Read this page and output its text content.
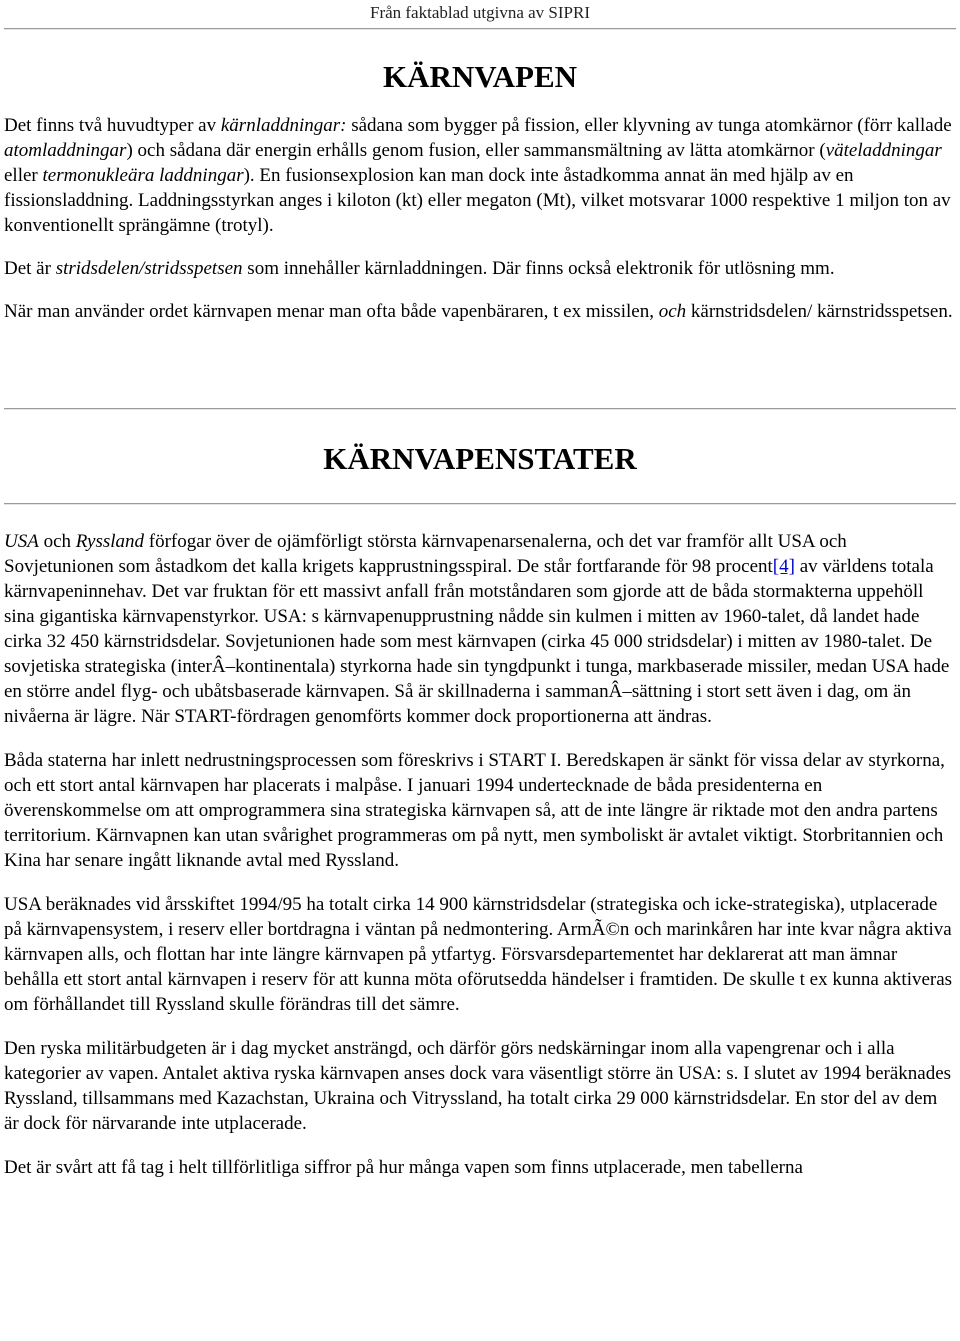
Från faktablad utgivna av SIPRI
KÄRNVAPEN

Det finns två huvudtyper av kärnladdningar: sådana som bygger på fission, eller klyvning av tunga atomkärnor (förr kallade atomladdningar) och sådana där energin erhålls genom fusion, eller sammansmältning av lätta atomkärnor (väteladdningar eller termonukleära laddningar). En fusionsexplosion kan man dock inte åstadkomma annat än med hjälp av en fissionsladdning. Laddningsstyrkan anges i kiloton (kt) eller megaton (Mt), vilket motsvarar 1000 respektive 1 miljon ton av konventionellt sprängämne (trotyl).

Det är stridsdelen/stridsspetsen som innehåller kärnladdningen. Där finns också elektronik för utlösning mm.

När man använder ordet kärnvapen menar man ofta både vapenbäraren, t ex missilen, och kärnstridsdelen/ kärnstridsspetsen.

KÄRNVAPENSTATER

USA och Ryssland förfogar över de ojämförligt största kärnvapenarsenalerna, och det var framför allt USA och Sovjetunionen som åstadkom det kalla krigets kapprustningsspiral. De står fortfarande för 98 procent[4] av världens totala kärnvapeninnehav. Det var fruktan för ett massivt anfall från motståndaren som gjorde att de båda stormakterna uppehöll sina gigantiska kärnvapenstyrkor. USA: s kärnvapenupprustning nådde sin kulmen i mitten av 1960-talet, då landet hade cirka 32 450 kärnstridsdelar. Sovjetunionen hade som mest kärnvapen (cirka 45 000 stridsdelar) i mitten av 1980-talet. De sovjetiska strategiska (interÂ–kontinentala) styrkorna hade sin tyngdpunkt i tunga, markbaserade missiler, medan USA hade en större andel flyg- och ubåtsbaserade kärnvapen. Så är skillnaderna i sammanÂ–sättning i stort sett även i dag, om än nivåerna är lägre. När START-fördragen genomförts kommer dock proportionerna att ändras.

Båda staterna har inlett nedrustningsprocessen som föreskrivs i START I. Beredskapen är sänkt för vissa delar av styrkorna, och ett stort antal kärnvapen har placerats i malpåse. I januari 1994 undertecknade de båda presidenterna en överenskommelse om att omprogrammera sina strategiska kärnvapen så, att de inte längre är riktade mot den andra partens territorium. Kärnvapnen kan utan svårighet programmeras om på nytt, men symboliskt är avtalet viktigt. Storbritannien och Kina har senare ingått liknande avtal med Ryssland.

USA beräknades vid årsskiftet 1994/95 ha totalt cirka 14 900 kärnstridsdelar (strategiska och icke-strategiska), utplacerade på kärnvapensystem, i reserv eller bortdragna i väntan på nedmontering. ArmÃ©n och marinkåren har inte kvar några aktiva kärnvapen alls, och flottan har inte längre kärnvapen på ytfartyg. Försvarsdepartementet har deklarerat att man ämnar behålla ett stort antal kärnvapen i reserv för att kunna möta oförutsedda händelser i framtiden. De skulle t ex kunna aktiveras om förhållandet till Ryssland skulle förändras till det sämre.

Den ryska militärbudgeten är i dag mycket ansträngd, och därför görs nedskärningar inom alla vapengrenar och i alla kategorier av vapen. Antalet aktiva ryska kärnvapen anses dock vara väsentligt större än USA: s. I slutet av 1994 beräknades Ryssland, tillsammans med Kazachstan, Ukraina och Vitryssland, ha totalt cirka 29 000 kärnstridsdelar. En stor del av dem är dock för närvarande inte utplacerade.

Det är svårt att få tag i helt tillförlitliga siffror på hur många vapen som finns utplacerade, men tabellerna
